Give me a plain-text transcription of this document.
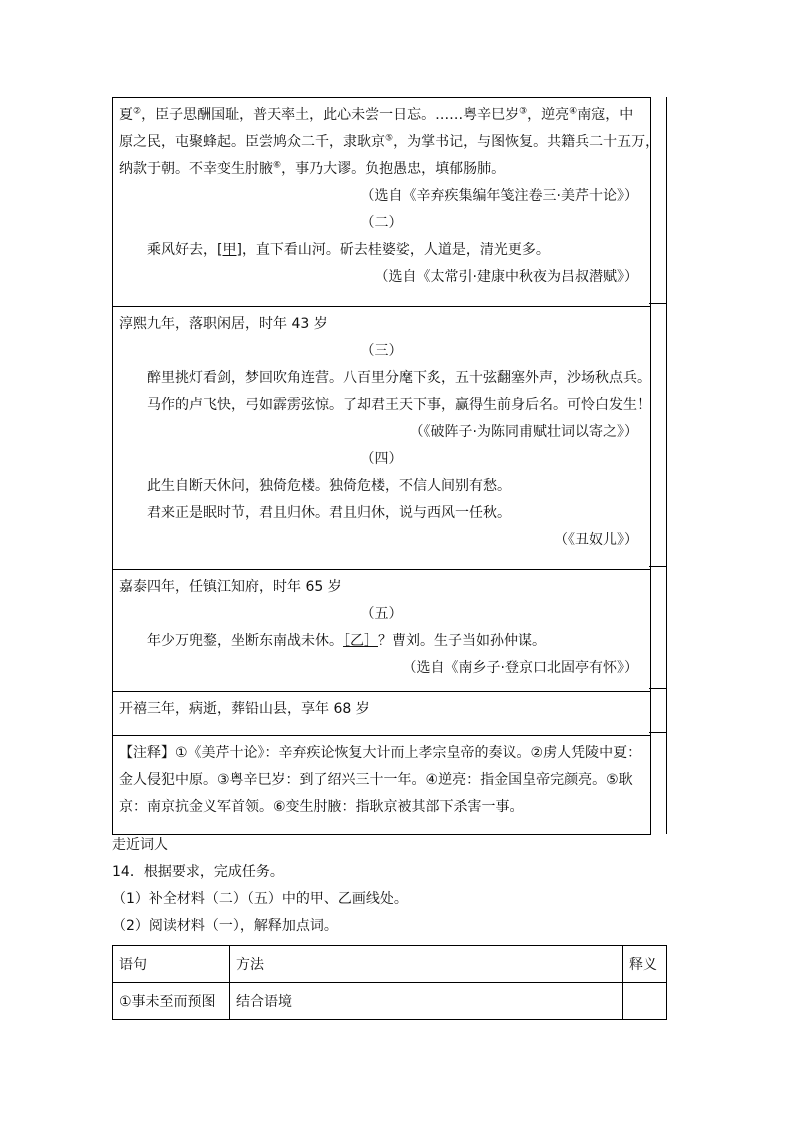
夏②，臣子思酬国耻，普天率土，此心未尝一日忘。……粤辛巳岁③，逆亮④南寇，中
原之民，屯聚蜂起。臣尝鸠众二千，隶耿京⑤，为掌书记，与图恢复。共籍兵二十五万，
纳款于朝。不幸变生肘腋⑥，事乃大谬。负抱愚忠，填郁肠肺。
（选自《辛弃疾集编年笺注卷三·美芹十论》）
（二）
乘风好去，[甲]，直下看山河。斫去桂婆娑，人道是，清光更多。
（选自《太常引·建康中秋夜为吕叔潜赋》）
淳熙九年，落职闲居，时年 43 岁
（三）
醉里挑灯看剑，梦回吹角连营。八百里分麾下炙，五十弦翻塞外声，沙场秋点兵。
马作的卢飞快，弓如霹雳弦惊。了却君王天下事，赢得生前身后名。可怜白发生！
（《破阵子·为陈同甫赋壮词以寄之》）
（四）
此生自断天休问，独倚危楼。独倚危楼，不信人间别有愁。
君来正是眠时节，君且归休。君且归休，说与西风一任秋。
（《丑奴儿》）
嘉泰四年，任镇江知府，时年 65 岁
（五）
年少万兜鍪，坐断东南战未休。［乙］？曹刘。生子当如孙仲谋。
（选自《南乡子·登京口北固亭有怀》）
开禧三年，病逝，葬铅山县，享年 68 岁
【注释】①《美芹十论》：辛弃疾论恢复大计而上孝宗皇帝的奏议。②虏人凭陵中夏：
金人侵犯中原。③粤辛巳岁：到了绍兴三十一年。④逆亮：指金国皇帝完颜亮。⑤耿
京：南京抗金义军首领。⑥变生肘腋：指耿京被其部下杀害一事。
走近词人
14．根据要求，完成任务。
（1）补全材料（二）（五）中的甲、乙画线处。
（2）阅读材料（一），解释加点词。
语句	方法	释义
①事未至而预图	结合语境	
